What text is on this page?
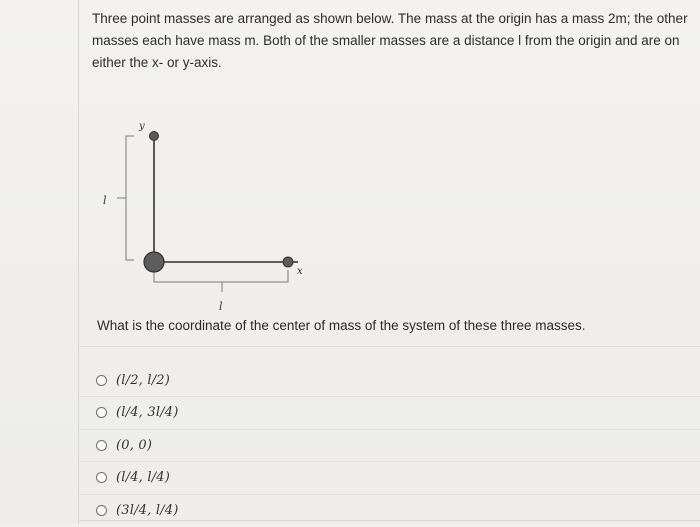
Three point masses are arranged as shown below. The mass at the origin has a mass 2m; the other masses each have mass m. Both of the smaller masses are a distance l from the origin and are on either the x- or y-axis.
l
l
y
x
What is the coordinate of the center of mass of the system of these three masses.
(l/2, l/2)
(l/4, 3l/4)
(0, 0)
(l/4, l/4)
(3l/4, l/4)
